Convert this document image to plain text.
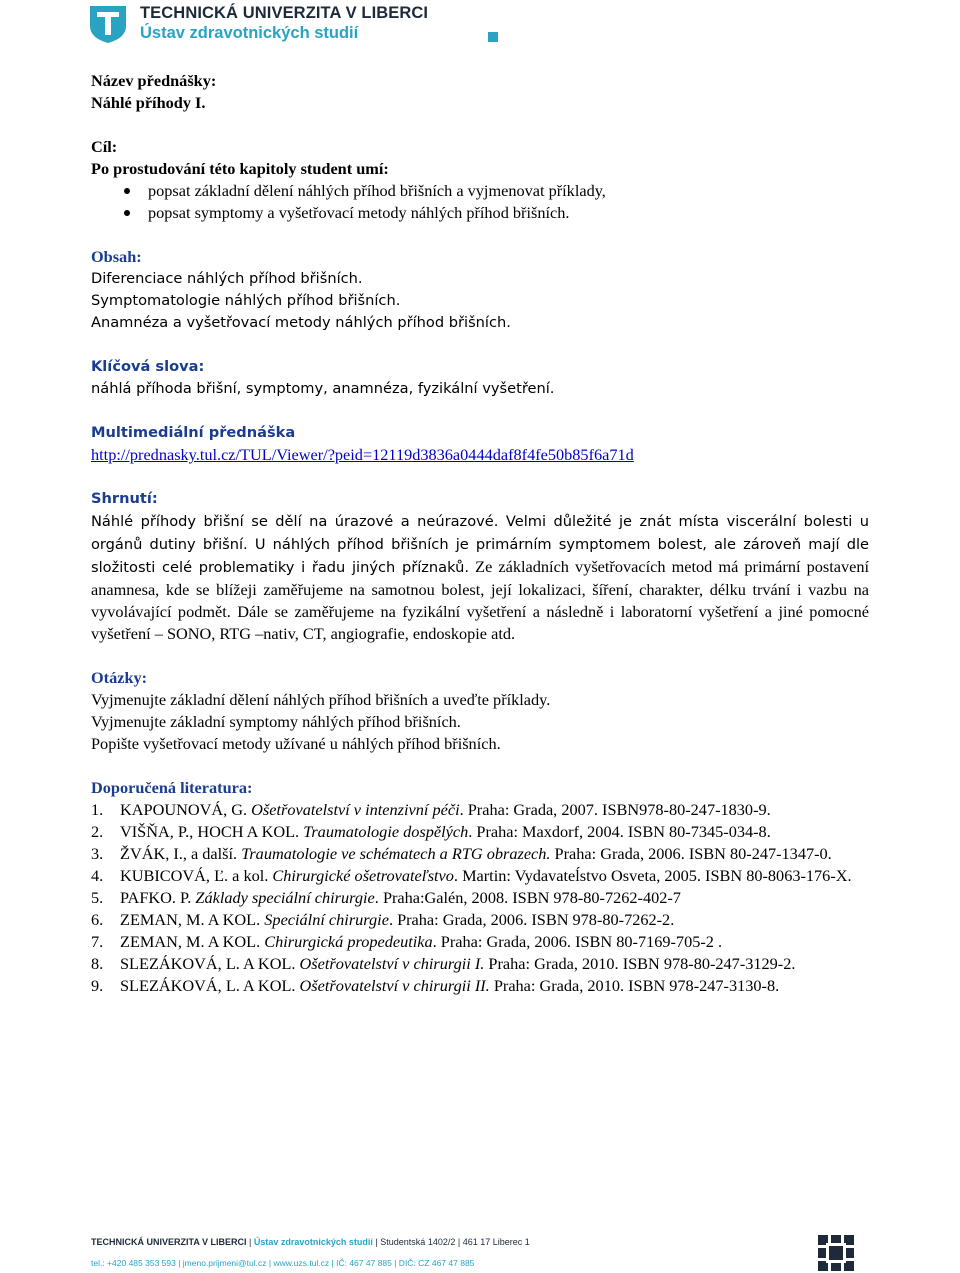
TECHNICKÁ UNIVERZITA V LIBERCI
Ústav zdravotnických studií
Název přednášky:
Náhlé příhody I.
Cíl:
Po prostudování této kapitoly student umí:
popsat základní dělení náhlých příhod břišních a vyjmenovat příklady,
popsat symptomy a vyšetřovací metody náhlých příhod břišních.
Obsah:
Diferenciace náhlých příhod břišních.
Symptomatologie náhlých příhod břišních.
Anamnéza a vyšetřovací metody náhlých příhod břišních.
Klíčová slova:
náhlá příhoda břišní, symptomy, anamnéza, fyzikální vyšetření.
Multimediální přednáška
http://prednasky.tul.cz/TUL/Viewer/?peid=12119d3836a0444daf8f4fe50b85f6a71d
Shrnutí:
Náhlé příhody břišní se dělí na úrazové a neúrazové. Velmi důležité je znát místa viscerální bolesti u orgánů dutiny břišní. U náhlých příhod břišních je primárním symptomem bolest, ale zároveň mají dle složitosti celé problematiky i řadu jiných příznaků. Ze základních vyšetřovacích metod má primární postavení anamnesa, kde se blížeji zaměřujeme na samotnou bolest, její lokalizaci, šíření, charakter, délku trvání i vazbu na vyvolávající podmět. Dále se zaměřujeme na fyzikální vyšetření a následně i laboratorní vyšetření a jiné pomocné vyšetření – SONO, RTG –nativ, CT, angiografie, endoskopie atd.
Otázky:
Vyjmenujte základní dělení náhlých příhod břišních a uveďte příklady.
Vyjmenujte základní symptomy náhlých příhod břišních.
Popište vyšetřovací metody užívané u náhlých příhod břišních.
Doporučená literatura:
1. KAPOUNOVÁ, G. Ošetřovatelství v intenzivní péči. Praha: Grada, 2007. ISBN978-80-247-1830-9.
2. VIŠŇA, P., HOCH A KOL. Traumatologie dospělých. Praha: Maxdorf, 2004. ISBN 80-7345-034-8.
3. ŽVÁK, I., a další. Traumatologie ve schématech a RTG obrazech. Praha: Grada, 2006. ISBN 80-247-1347-0.
4. KUBICOVÁ, Ľ. a kol. Chirurgické ošetrovateľstvo. Martin: Vydavateĺstvo Osveta, 2005. ISBN 80-8063-176-X.
5. PAFKO. P. Základy speciální chirurgie. Praha:Galén, 2008. ISBN 978-80-7262-402-7
6. ZEMAN, M. A KOL. Speciální chirurgie. Praha: Grada, 2006. ISBN 978-80-7262-2.
7. ZEMAN, M. A KOL. Chirurgická propedeutika. Praha: Grada, 2006. ISBN 80-7169-705-2 .
8. SLEZÁKOVÁ, L. A KOL. Ošetřovatelství v chirurgii I. Praha: Grada, 2010. ISBN 978-80-247-3129-2.
9. SLEZÁKOVÁ, L. A KOL. Ošetřovatelství v chirurgii II. Praha: Grada, 2010. ISBN 978-247-3130-8.
TECHNICKÁ UNIVERZITA V LIBERCI | Ústav zdravotnických studií | Studentská 1402/2 | 461 17 Liberec 1
tel.: +420 485 353 593 | jmeno.prijmeni@tul.cz | www.uzs.tul.cz | IČ: 467 47 885 | DIČ: CZ 467 47 885
